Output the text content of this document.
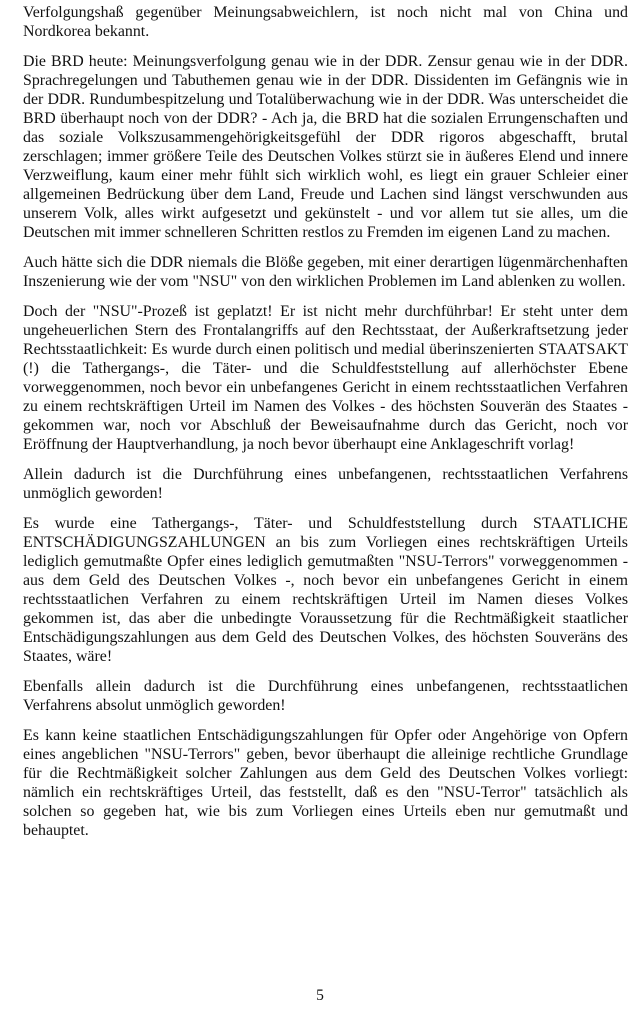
Verfolgungshaß gegenüber Meinungsabweichlern, ist noch nicht mal von China und Nordkorea bekannt.

Die BRD heute: Meinungsverfolgung genau wie in der DDR. Zensur genau wie in der DDR. Sprachregelungen und Tabuthemen genau wie in der DDR. Dissidenten im Gefängnis wie in der DDR. Rundumbespitzelung und Totalüberwachung wie in der DDR. Was unterscheidet die BRD überhaupt noch von der DDR? - Ach ja, die BRD hat die sozialen Errungenschaften und das soziale Volkszusammengehörigkeitsgefühl der DDR rigoros abgeschafft, brutal zerschlagen; immer größere Teile des Deutschen Volkes stürzt sie in äußeres Elend und innere Verzweiflung, kaum einer mehr fühlt sich wirklich wohl, es liegt ein grauer Schleier einer allgemeinen Bedrückung über dem Land, Freude und Lachen sind längst verschwunden aus unserem Volk, alles wirkt aufgesetzt und gekünstelt - und vor allem tut sie alles, um die Deutschen mit immer schnelleren Schritten restlos zu Fremden im eigenen Land zu machen.

Auch hätte sich die DDR niemals die Blöße gegeben, mit einer derartigen lügenmärchenhaften Inszenierung wie der vom "NSU" von den wirklichen Problemen im Land ablenken zu wollen.

Doch der "NSU"-Prozeß ist geplatzt! Er ist nicht mehr durchführbar! Er steht unter dem ungeheuerlichen Stern des Frontalangriffs auf den Rechtsstaat, der Außerkraftsetzung jeder Rechtsstaatlichkeit: Es wurde durch einen politisch und medial überinszenierten STAATSAKT (!) die Tathergangs-, die Täter- und die Schuldfeststellung auf allerhöchster Ebene vorweggenommen, noch bevor ein unbefangenes Gericht in einem rechtsstaatlichen Verfahren zu einem rechtskräftigen Urteil im Namen des Volkes - des höchsten Souverän des Staates - gekommen war, noch vor Abschluß der Beweisaufnahme durch das Gericht, noch vor Eröffnung der Hauptverhandlung, ja noch bevor überhaupt eine Anklageschrift vorlag!

Allein dadurch ist die Durchführung eines unbefangenen, rechtsstaatlichen Verfahrens unmöglich geworden!

Es wurde eine Tathergangs-, Täter- und Schuldfeststellung durch STAATLICHE ENTSCHÄDIGUNGSZAHLUNGEN an bis zum Vorliegen eines rechtskräftigen Urteils lediglich gemutmaßte Opfer eines lediglich gemutmaßten "NSU-Terrors" vorweggenommen - aus dem Geld des Deutschen Volkes -, noch bevor ein unbefangenes Gericht in einem rechtsstaatlichen Verfahren zu einem rechtskräftigen Urteil im Namen dieses Volkes gekommen ist, das aber die unbedingte Voraussetzung für die Rechtmäßigkeit staatlicher Entschädigungszahlungen aus dem Geld des Deutschen Volkes, des höchsten Souveräns des Staates, wäre!

Ebenfalls allein dadurch ist die Durchführung eines unbefangenen, rechtsstaatlichen Verfahrens absolut unmöglich geworden!

Es kann keine staatlichen Entschädigungszahlungen für Opfer oder Angehörige von Opfern eines angeblichen "NSU-Terrors" geben, bevor überhaupt die alleinige rechtliche Grundlage für die Rechtmäßigkeit solcher Zahlungen aus dem Geld des Deutschen Volkes vorliegt: nämlich ein rechtskräftiges Urteil, das feststellt, daß es den "NSU-Terror" tatsächlich als solchen so gegeben hat, wie bis zum Vorliegen eines Urteils eben nur gemutmaßt und behauptet.

5
